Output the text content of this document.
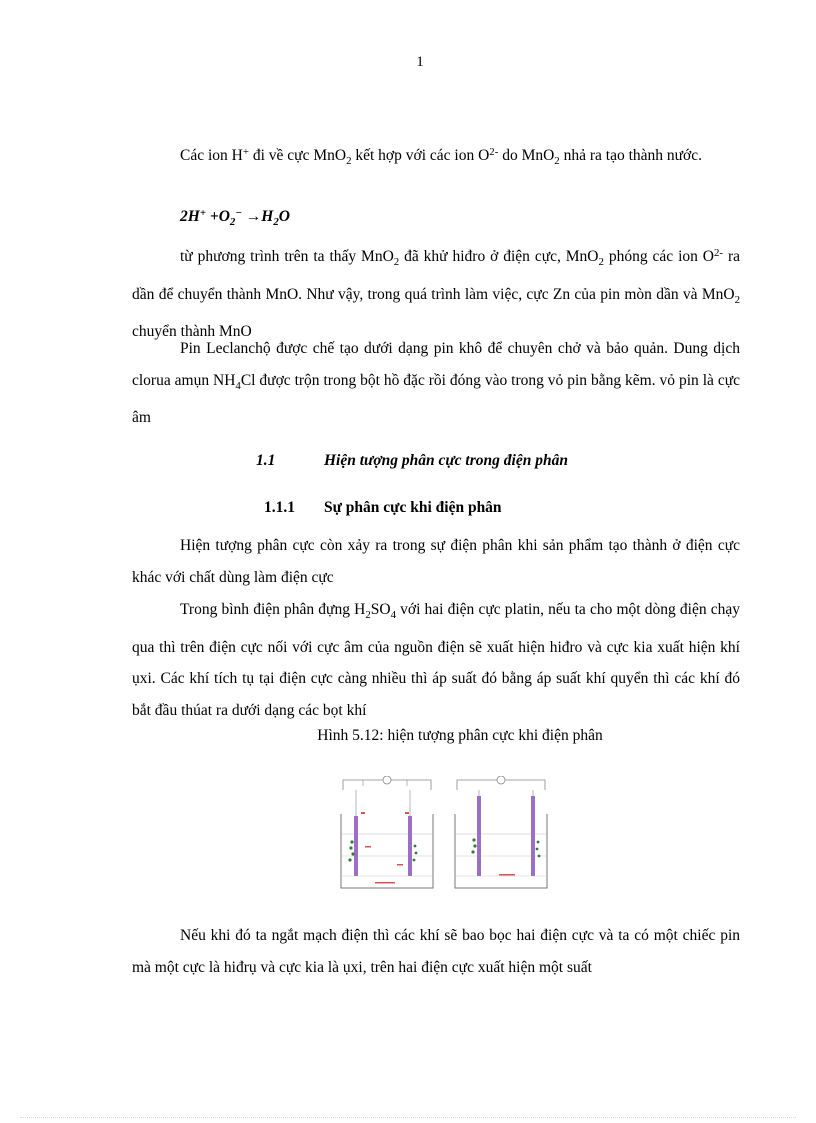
1

Các ion H+ đi về cực MnO$_2$ kết hợp với các ion $O^{2-}$ do MnO$_2$ nhả ra tạo thành nước.

$2H^+ +O_2^- \to H_2O$

từ phương trình trên ta thấy MnO$_2$ đã khử hiđro ở điện cực, MnO$_2$ phóng các ion $O^{2-}$ ra dần để chuyển thành MnO. Như vậy, trong quá trình làm việc, cực Zn của pin mòn dần và MnO$_2$ chuyển thành MnO

Pin Leclanchộ được chế tạo dưới dạng pin khô để chuyên chở và bảo quản. Dung dịch clorua amụn $NH_4Cl$ được trộn trong bột hồ đặc rồi đóng vào trong vỏ pin bằng kẽm. vỏ pin là cực âm

1.1	Hiện tượng phân cực trong điện phân
1.1.1 Sự phân cực khi điện phân

Hiện tượng phân cực còn xảy ra trong sự điện phân khi sản phẩm tạo thành ở điện cực khác với chất dùng làm điện cực

Trong bình điện phân đựng $H_2SO_4$ với hai điện cực platin, nếu ta cho một dòng điện chạy qua thì trên điện cực nối với cực âm của nguồn điện sẽ xuất hiện hiđro và cực kia xuất hiện khí ụxi. Các khí tích tụ tại điện cực càng nhiều thì áp suất đó bằng áp suất khí quyển thì các khí đó bắt đầu thúat ra dưới dạng các bọt khí

Hình 5.12: hiện tượng phân cực khi điện phân

Nếu khi đó ta ngắt mạch điện thì các khí sẽ bao bọc hai điện cực và ta có một chiếc pin mà một cực là hiđrụ và cực kia là ụxi, trên hai điện cực xuất hiện một suất
